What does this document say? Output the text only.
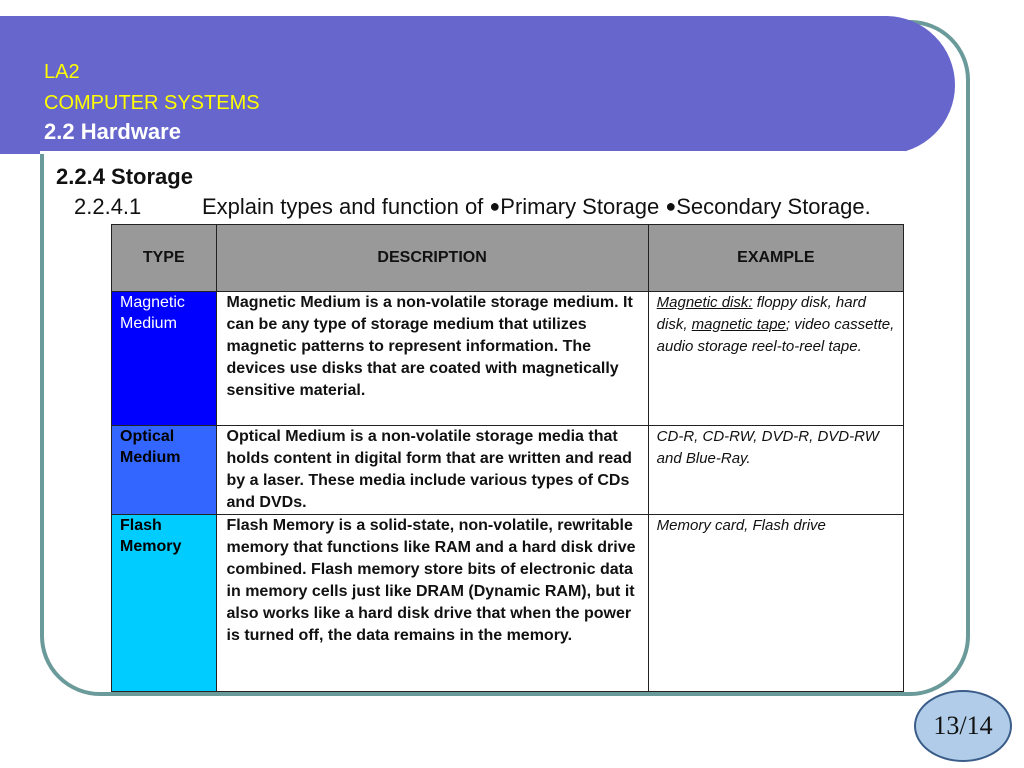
LA2
COMPUTER SYSTEMS
2.2 Hardware
2.2.4 Storage
2.2.4.1	Explain types and function of ●Primary Storage ●Secondary Storage.
TYPE	DESCRIPTION	EXAMPLE
Magnetic Medium	Magnetic Medium is a non-volatile storage medium. It can be any type of storage medium that utilizes magnetic patterns to represent information. The devices use disks that are coated with magnetically sensitive material.	Magnetic disk: floppy disk, hard disk, magnetic tape; video cassette, audio storage reel-to-reel tape.
Optical Medium	Optical Medium is a non-volatile storage media that holds content in digital form that are written and read by a laser. These media include various types of CDs and DVDs.	CD-R, CD-RW, DVD-R, DVD-RW and Blue-Ray.
Flash Memory	Flash Memory is a solid-state, non-volatile, rewritable memory that functions like RAM and a hard disk drive combined. Flash memory store bits of electronic data in memory cells just like DRAM (Dynamic RAM), but it also works like a hard disk drive that when the power is turned off, the data remains in the memory.	Memory card, Flash drive
13/14
